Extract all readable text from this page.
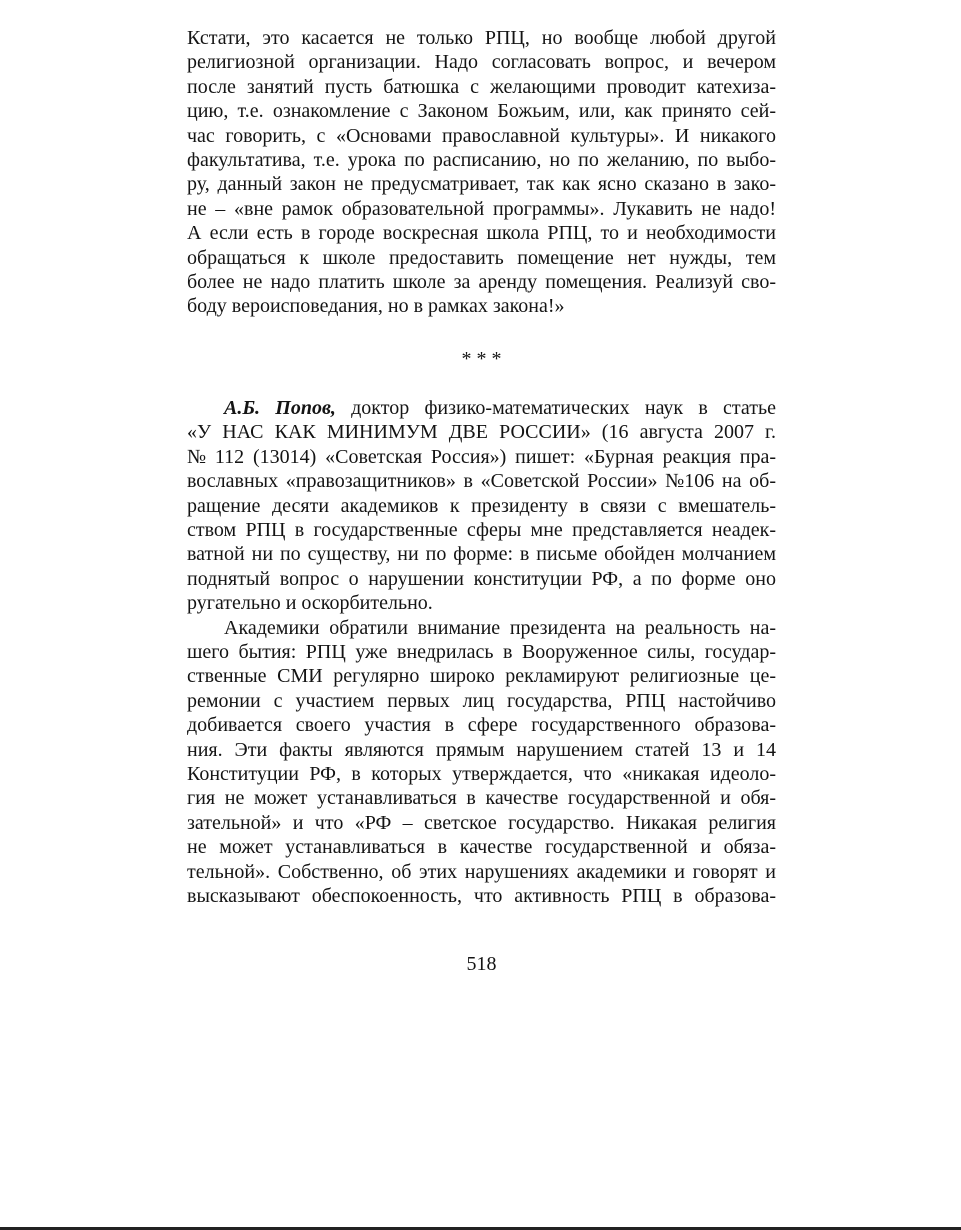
Кстати, это касается не только РПЦ, но вообще любой другой
религиозной организации. Надо согласовать вопрос, и вечером
после занятий пусть батюшка с желающими проводит катехиза-
цию, т.е. ознакомление с Законом Божьим, или, как принято сей-
час говорить, с «Основами православной культуры». И никакого
факультатива, т.е. урока по расписанию, но по желанию, по выбо-
ру, данный закон не предусматривает, так как ясно сказано в зако-
не – «вне рамок образовательной программы». Лукавить не надо!
А если есть в городе воскресная школа РПЦ, то и необходимости
обращаться к школе предоставить помещение нет нужды, тем
более не надо платить школе за аренду помещения. Реализуй сво-
боду вероисповедания, но в рамках закона!»
* * *
А.Б. Попов, доктор физико-математических наук в статье
«У НАС КАК МИНИМУМ ДВЕ РОССИИ» (16 августа 2007 г.
№ 112 (13014) «Советская Россия») пишет: «Бурная реакция пра-
вославных «правозащитников» в «Советской России» №106 на об-
ращение десяти академиков к президенту в связи с вмешатель-
ством РПЦ в государственные сферы мне представляется неадек-
ватной ни по существу, ни по форме: в письме обойден молчанием
поднятый вопрос о нарушении конституции РФ, а по форме оно
ругательно и оскорбительно.
Академики обратили внимание президента на реальность на-
шего бытия: РПЦ уже внедрилась в Вооруженное силы, государ-
ственные СМИ регулярно широко рекламируют религиозные це-
ремонии с участием первых лиц государства, РПЦ настойчиво
добивается своего участия в сфере государственного образова-
ния. Эти факты являются прямым нарушением статей 13 и 14
Конституции РФ, в которых утверждается, что «никакая идеоло-
гия не может устанавливаться в качестве государственной и обя-
зательной» и что «РФ – светское государство. Никакая религия
не может устанавливаться в качестве государственной и обяза-
тельной». Собственно, об этих нарушениях академики и говорят и
высказывают обеспокоенность, что активность РПЦ в образова-
518
